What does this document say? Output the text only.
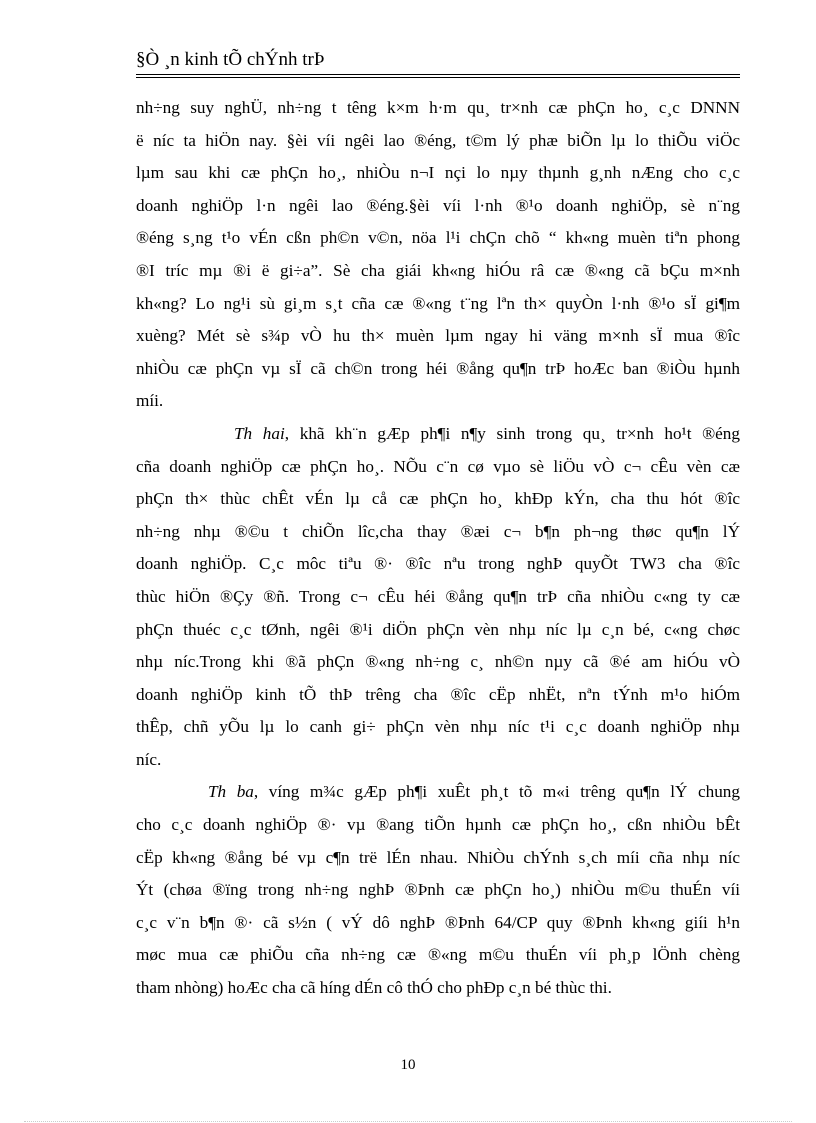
§Ò ¸n kinh tÕ chÝnh trÞ
nh÷ng suy nghÜ, nh÷ng t têng k×m h·m qu¸ tr×nh cæ phÇn ho¸ c¸c DNNN
ë níc ta hiÖn nay. §èi víi ngêi lao ®éng, t©m lý phæ biÕn lµ lo thiÕu viÖc
lµm sau khi cæ phÇn ho¸, nhiÒu n¬I nçi lo nµy thµnh g¸nh nÆng cho c¸c
doanh nghiÖp l·n ngêi lao ®éng.§èi víi l·nh ®¹o doanh nghiÖp, sè n¨ng
®éng s¸ng t¹o vÉn cßn ph©n v©n, nöa l¹i chÇn chõ “ kh«ng muèn tiªn phong
®I tríc mµ ®i ë gi÷a”. Sè cha giái kh«ng hiÓu râ cæ ®«ng cã bÇu m×nh
kh«ng? Lo ng¹i sù gi¸m s¸t cña cæ ®«ng t¨ng lªn th× quyÒn l·nh ®¹o sÏ gi¶m
xuèng? Mét sè s¾p vÒ hu th× muèn lµm ngay hi väng m×nh sÏ mua ®îc
nhiÒu cæ phÇn vµ sÏ cã ch©n trong héi ®ång qu¶n trÞ hoÆc ban ®iÒu hµnh
míi.
Th hai, khã kh¨n gÆp ph¶i n¶y sinh trong qu¸ tr×nh ho¹t ®éng
cña doanh nghiÖp cæ phÇn ho¸. NÕu c¨n cø vµo sè liÖu vÒ c¬ cÊu vèn cæ
phÇn th× thùc chÊt vÉn lµ cå cæ phÇn ho¸ khÐp kÝn, cha thu hót ®îc
nh÷ng nhµ ®©u t chiÕn lîc,cha thay ®æi c¬ b¶n ph¬ng thøc qu¶n lÝ
doanh nghiÖp. C¸c môc tiªu ®· ®îc nªu trong nghÞ quyÕt TW3 cha ®îc
thùc hiÖn ®Çy ®ñ. Trong c¬ cÊu héi ®ång qu¶n trÞ cña nhiÒu c«ng ty cæ
phÇn thuéc c¸c tØnh, ngêi ®¹i diÖn phÇn vèn nhµ níc lµ c¸n bé, c«ng chøc
nhµ níc.Trong khi ®ã phÇn ®«ng nh÷ng c¸ nh©n nµy cã ®é am hiÓu vÒ
doanh nghiÖp kinh tÕ thÞ trêng cha ®îc cËp nhËt, nªn tÝnh m¹o hiÓm
thÊp, chñ yÕu lµ lo canh gi÷ phÇn vèn nhµ níc t¹i c¸c doanh nghiÖp nhµ
níc.
Th ba, víng m¾c gÆp ph¶i xuÊt ph¸t tõ m«i trêng qu¶n lÝ chung
cho c¸c doanh nghiÖp ®· vµ ®ang tiÕn hµnh cæ phÇn ho¸, cßn nhiÒu bÊt
cËp kh«ng ®ång bé vµ c¶n trë lÉn nhau. NhiÒu chÝnh s¸ch míi cña nhµ níc
Ýt (chøa ®ïng trong nh÷ng nghÞ ®Þnh cæ phÇn ho¸) nhiÒu m©u thuÉn víi
c¸c v¨n b¶n ®· cã s½n ( vÝ dô nghÞ ®Þnh 64/CP quy ®Þnh kh«ng giíi h¹n
møc mua cæ phiÕu cña nh÷ng cæ ®«ng m©u thuÉn víi ph¸p lÖnh chèng
tham nhòng) hoÆc cha cã híng dÉn cô thÓ cho phÐp c¸n bé thùc thi.
10
